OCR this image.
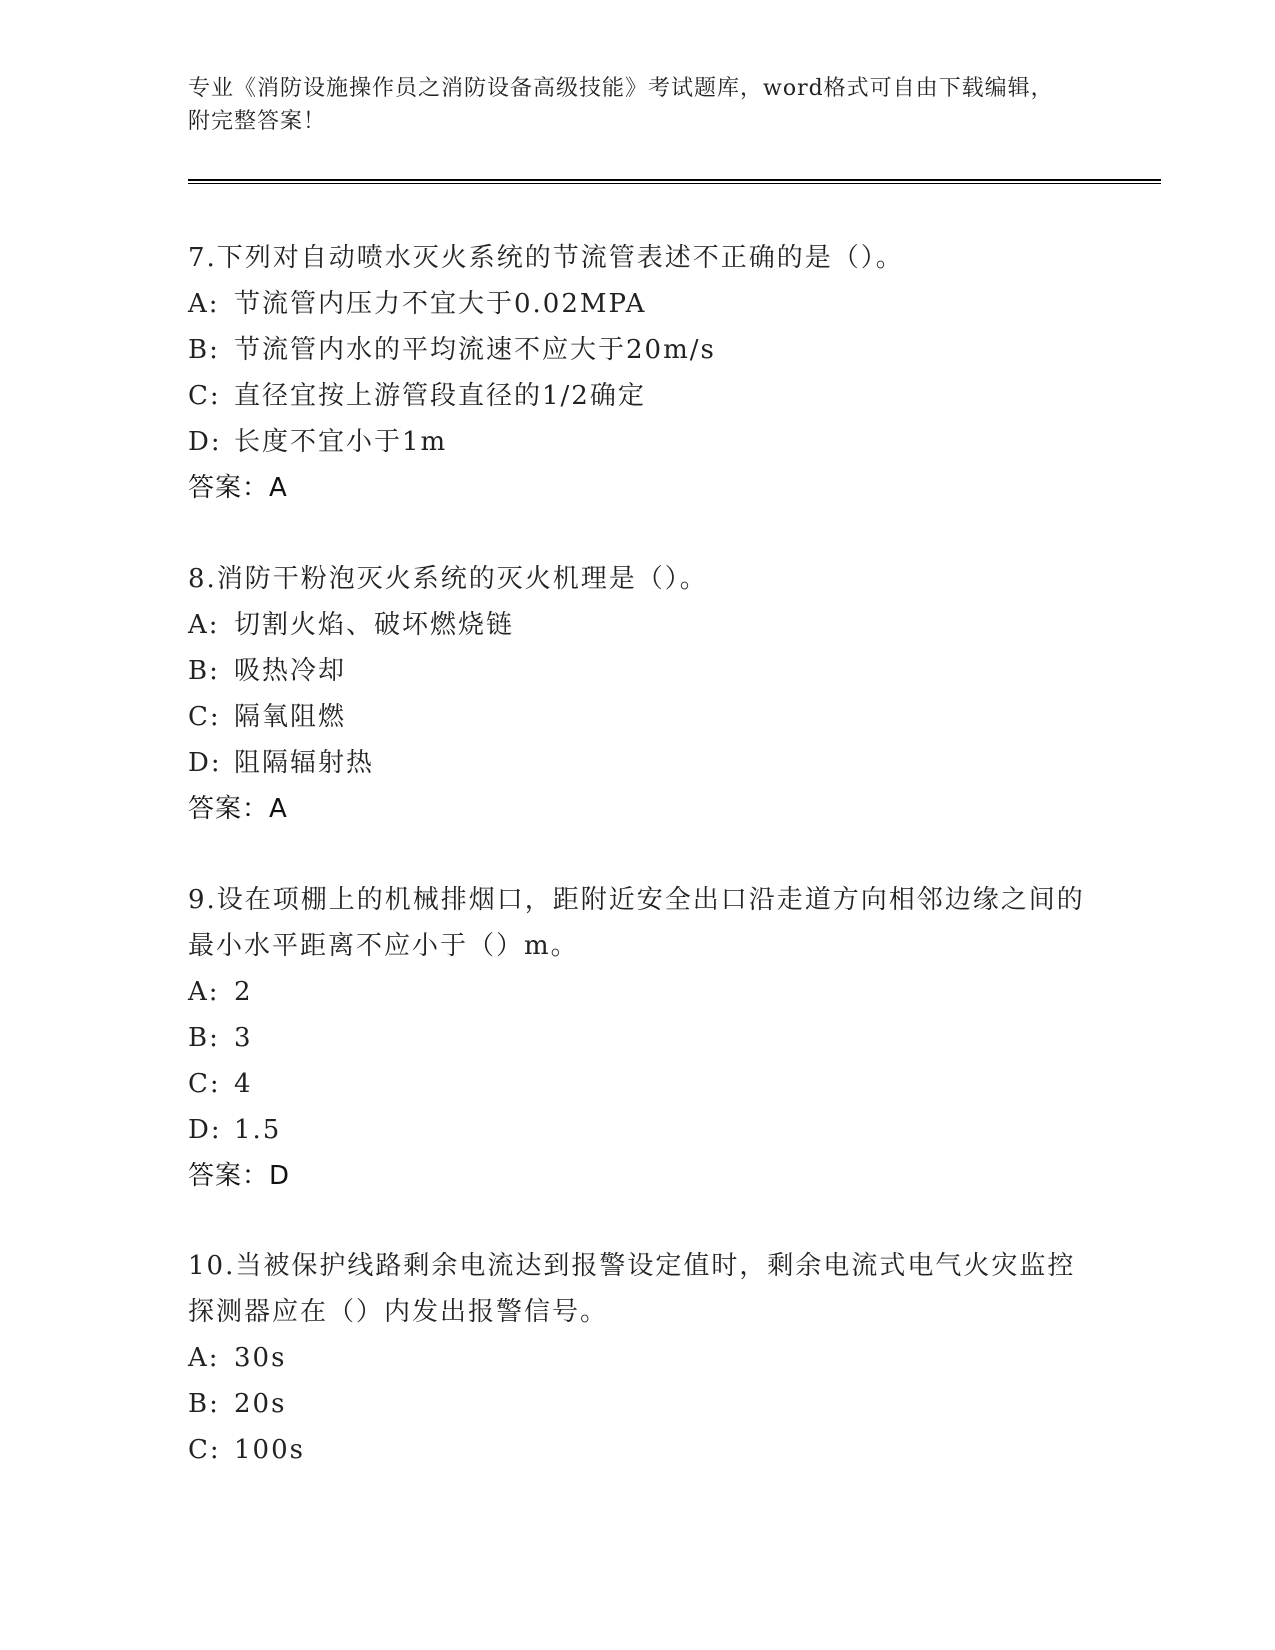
专业《消防设施操作员之消防设备高级技能》考试题库，word格式可自由下载编辑，附完整答案！
7.下列对自动喷水灭火系统的节流管表述不正确的是（）。
A: 节流管内压力不宜大于0.02MPA
B: 节流管内水的平均流速不应大于20m/s
C: 直径宜按上游管段直径的1/2确定
D: 长度不宜小于1m
答案：A
8.消防干粉泡灭火系统的灭火机理是（）。
A: 切割火焰、破坏燃烧链
B: 吸热冷却
C: 隔氧阻燃
D: 阻隔辐射热
答案：A
9.设在项棚上的机械排烟口，距附近安全出口沿走道方向相邻边缘之间的最小水平距离不应小于（）m。
A: 2
B: 3
C: 4
D: 1.5
答案：D
10.当被保护线路剩余电流达到报警设定值时，剩余电流式电气火灾监控探测器应在（）内发出报警信号。
A: 30s
B: 20s
C: 100s
